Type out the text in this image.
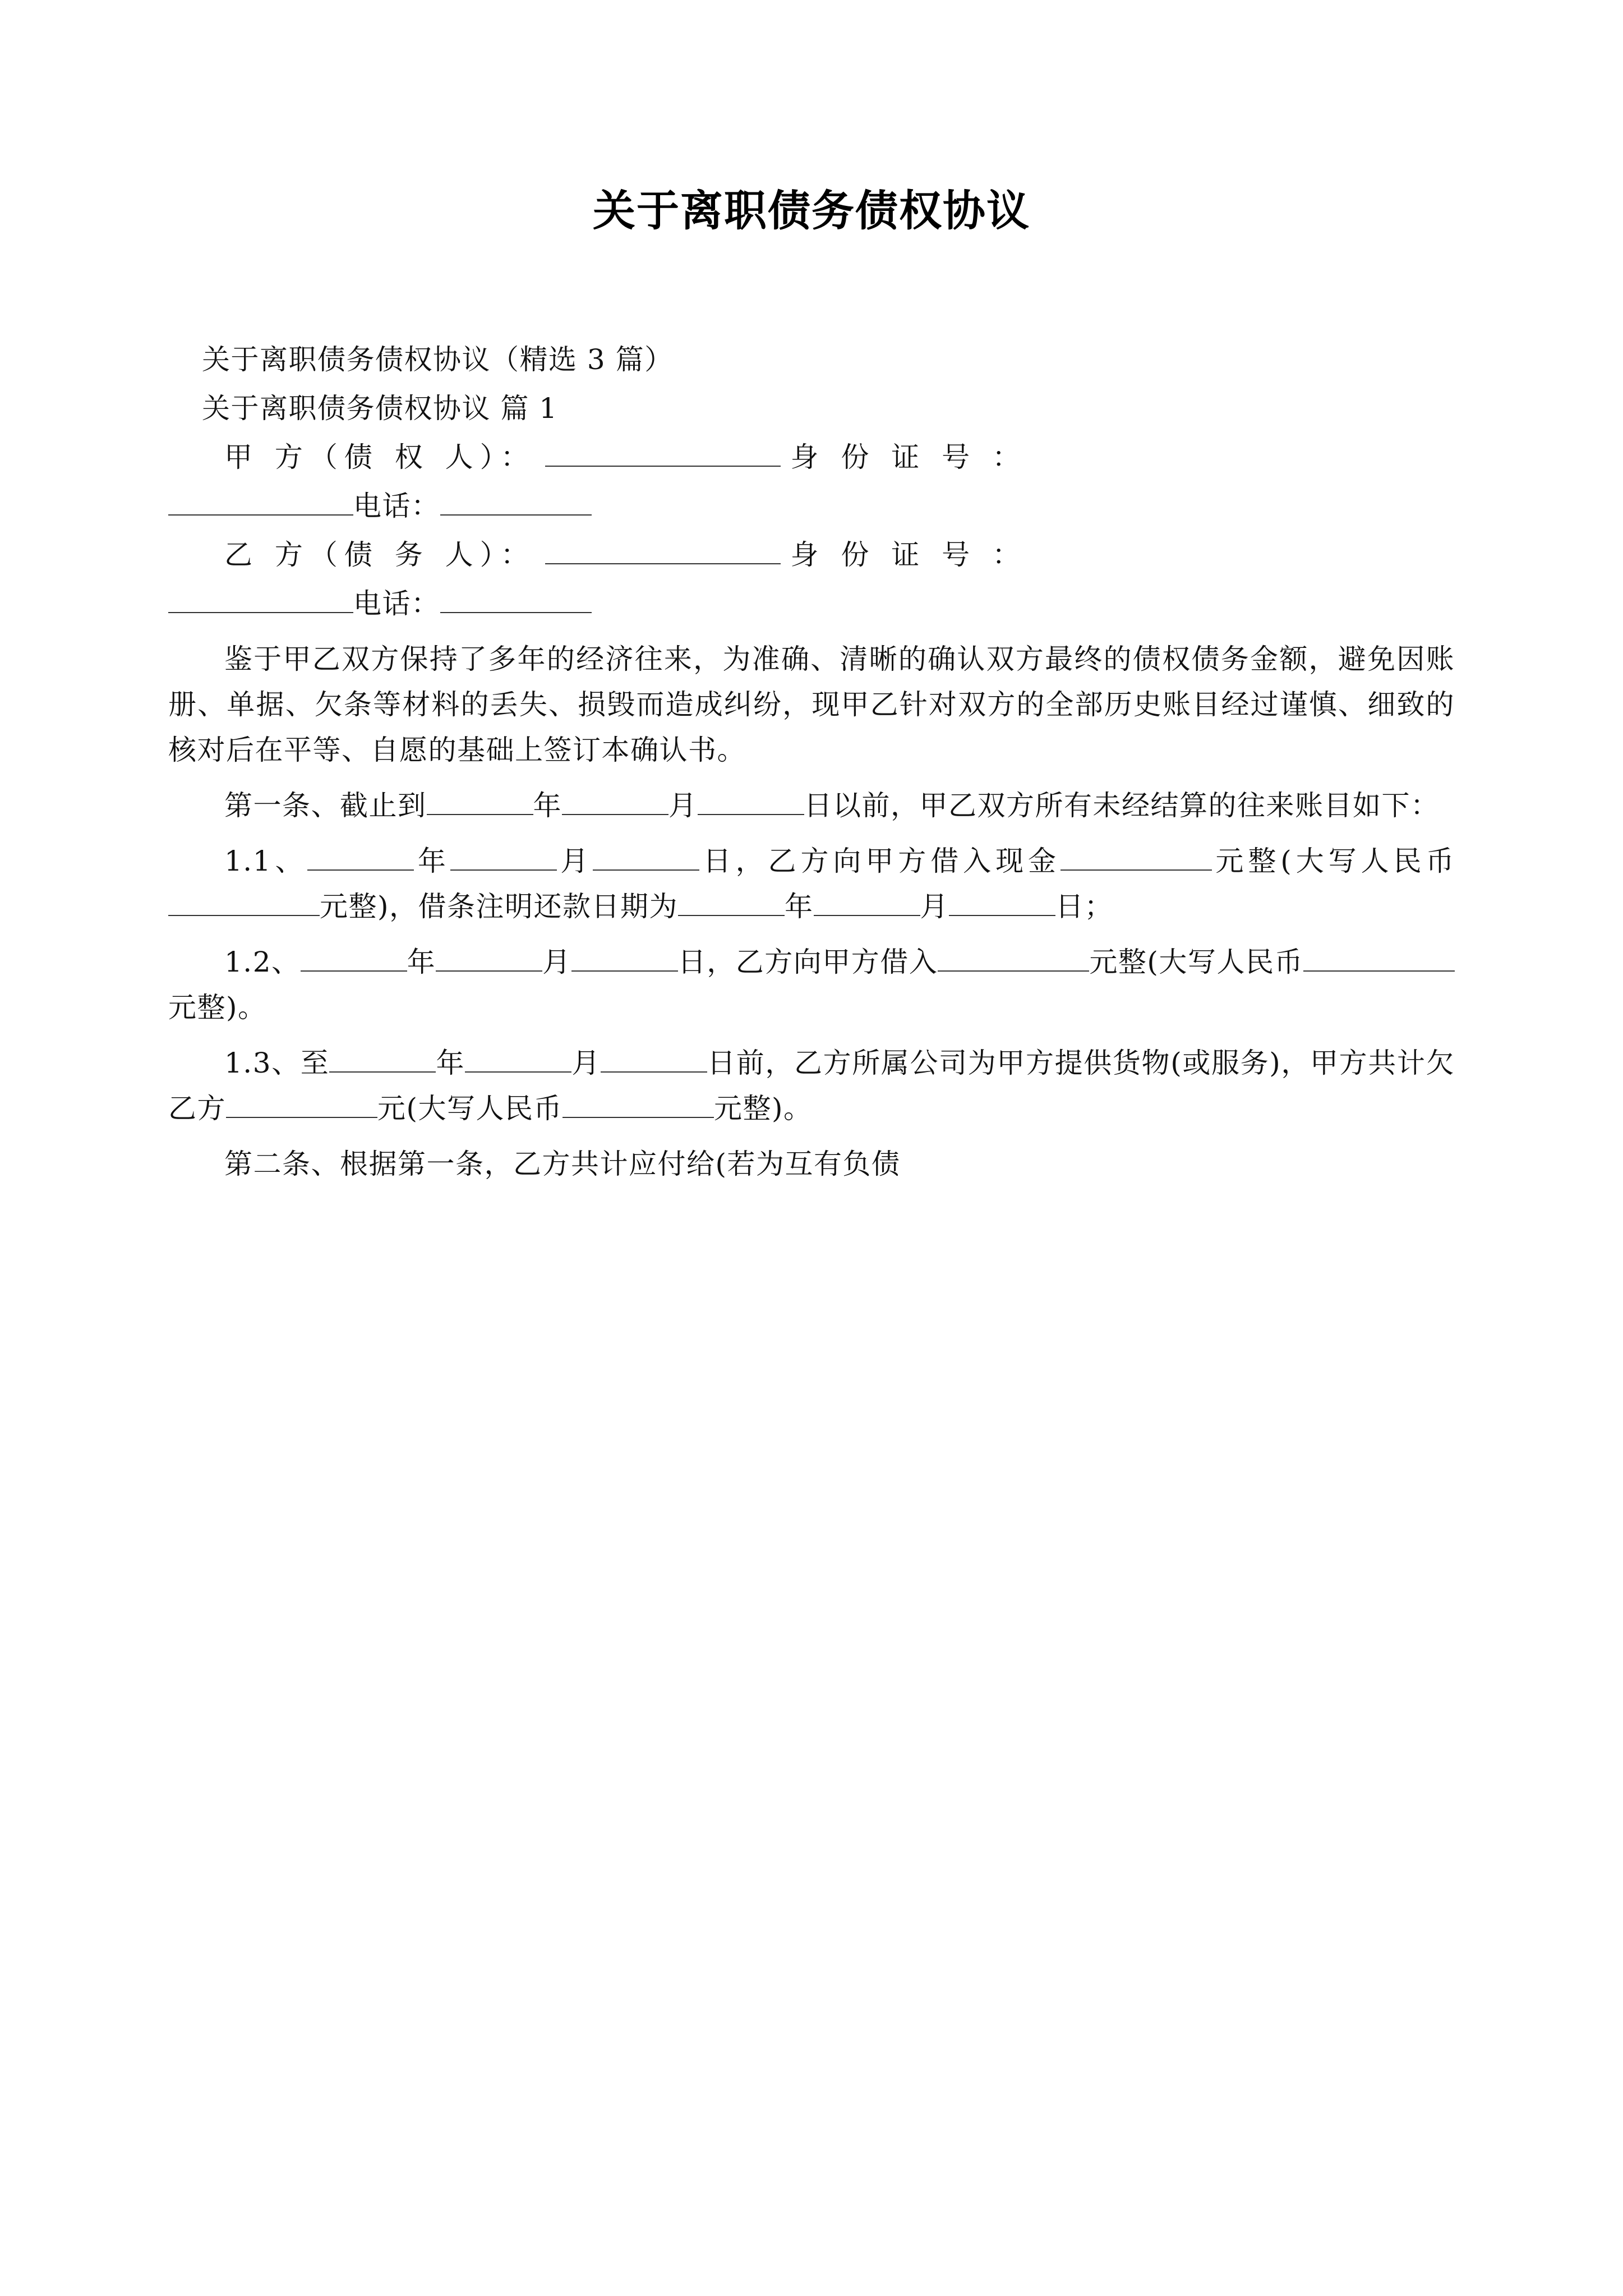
关于离职债务债权协议

关于离职债务债权协议（精选 3 篇）

关于离职债务债权协议 篇 1

甲 方（债 权 人）：	身 份 证 号 ：

电话：

乙 方（债 务 人）：	身 份 证 号 ：

电话：

鉴于甲乙双方保持了多年的经济往来，为准确、清晰的确认双方最终的债权债务金额，避免因账册、单据、欠条等材料的丢失、损毁而造成纠纷，现甲乙针对双方的全部历史账目经过谨慎、细致的核对后在平等、自愿的基础上签订本确认书。

第一条、截止到	年	月	日以前，甲乙双方所有未经结算的往来账目如下：

1.1、	年	月	日，乙方向甲方借入现金	元整(大写人民币元整)，借条注明还款日期为	年	月	日；

1.2、	年	月	日，乙方向甲方借入	元整(大写人民币元整)。

1.3、至	年	月	日前，乙方所属公司为甲方提供货物(或服务)，甲方共计欠乙方	元(大写人民币	元整)。

第二条、根据第一条，乙方共计应付给(若为互有负债
